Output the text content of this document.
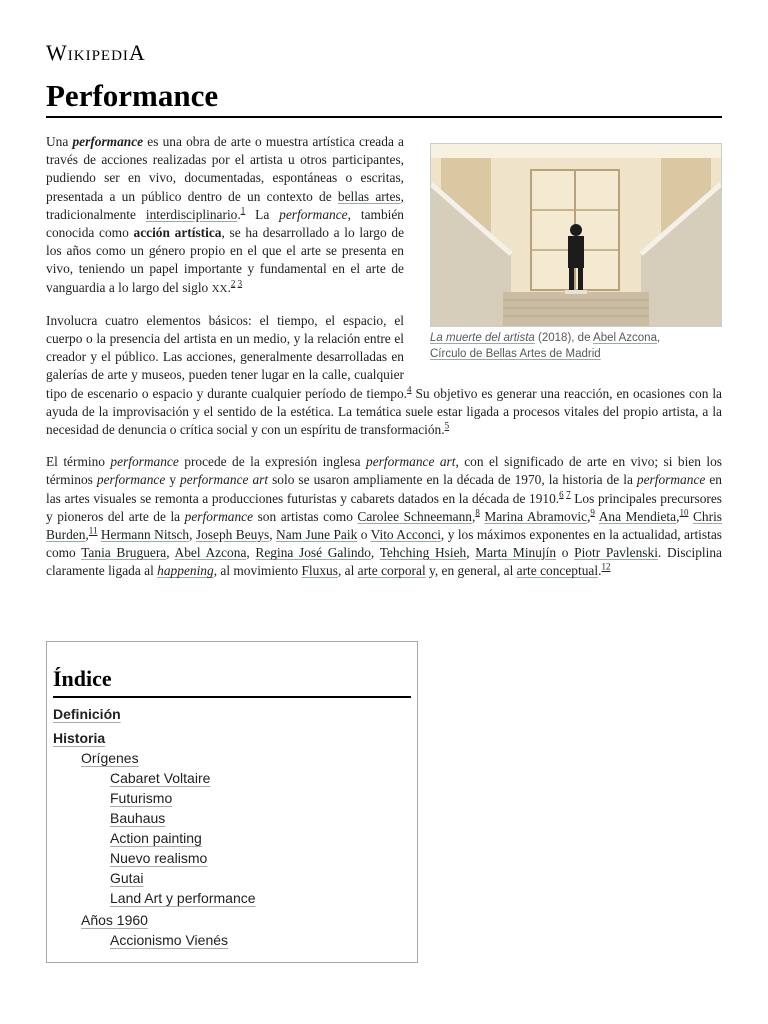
WikipediA
Performance
La muerte del artista (2018), de Abel Azcona,
Círculo de Bellas Artes de Madrid

Una performance es una obra de arte o muestra artística creada a través de acciones realizadas por el artista u otros participantes, pudiendo ser en vivo, documentadas, espontáneas o escritas, presentada a un público dentro de un contexto de bellas artes, tradicionalmente interdisciplinario.$^1$ La performance, también conocida como acción artística, se ha desarrollado a lo largo de los años como un género propio en el que el arte se presenta en vivo, teniendo un papel importante y fundamental en el arte de vanguardia a lo largo del siglo XX.$^{2 3}$

Involucra cuatro elementos básicos: el tiempo, el espacio, el cuerpo o la presencia del artista en un medio, y la relación entre el creador y el público. Las acciones, generalmente desarrolladas en galerías de arte y museos, pueden tener lugar en la calle, cualquier tipo de escenario o espacio y durante cualquier período de tiempo.$^4$ Su objetivo es generar una reacción, en ocasiones con la ayuda de la improvisación y el sentido de la estética. La temática suele estar ligada a procesos vitales del propio artista, a la necesidad de denuncia o crítica social y con un espíritu de transformación.$^5$

El término performance procede de la expresión inglesa performance art, con el significado de arte en vivo; si bien los términos performance y performance art solo se usaron ampliamente en la década de 1970, la historia de la performance en las artes visuales se remonta a producciones futuristas y cabarets datados en la década de 1910.$^{6 7}$ Los principales precursores y pioneros del arte de la performance son artistas como Carolee Schneemann,$^8$ Marina Abramovic,$^9$ Ana Mendieta,$^{10}$ Chris Burden,$^{11}$ Hermann Nitsch, Joseph Beuys, Nam June Paik o Vito Acconci, y los máximos exponentes en la actualidad, artistas como Tania Bruguera, Abel Azcona, Regina José Galindo, Tehching Hsieh, Marta Minujín o Piotr Pavlenski. Disciplina claramente ligada al happening, al movimiento Fluxus, al arte corporal y, en general, al arte conceptual.$^{12}$

Índice
Definición
Historia
Orígenes
Cabaret Voltaire
Futurismo
Bauhaus
Action painting
Nuevo realismo
Gutai
Land Art y performance
Años 1960
Accionismo Vienés
